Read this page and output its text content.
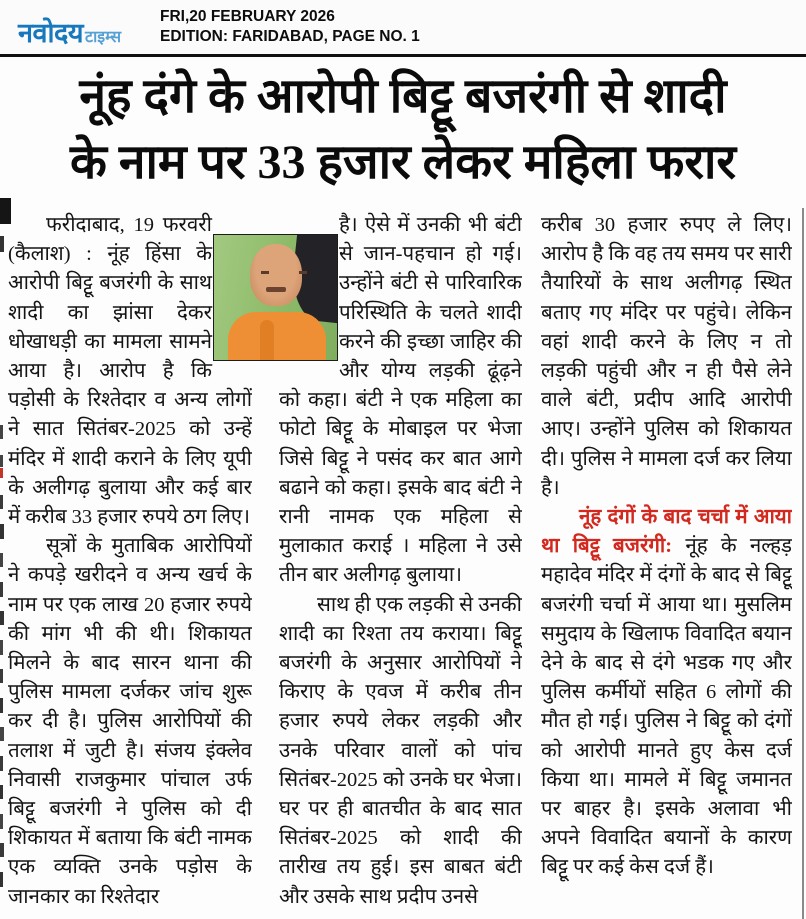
नवोदय टाइम्स
FRI,20 FEBRUARY 2026
EDITION: FARIDABAD, PAGE NO. 1
नूंह दंगे के आरोपी बिट्टू बजरंगी से शादी
के नाम पर 33 हजार लेकर महिला फरार

फरीदाबाद, 19 फरवरी (कैलाश) : नूंह हिंसा के आरोपी बिट्टू बजरंगी के साथ शादी का झांसा देकर धोखाधड़ी का मामला सामने आया है। आरोप है कि पड़ोसी के रिश्तेदार व अन्य लोगों ने सात सितंबर-2025 को उन्हें मंदिर में शादी कराने के लिए यूपी के अलीगढ़ बुलाया और कई बार में करीब 33 हजार रुपये ठग लिए।

सूत्रों के मुताबिक आरोपियों ने कपड़े खरीदने व अन्य खर्च के नाम पर एक लाख 20 हजार रुपये की मांग भी की थी। शिकायत मिलने के बाद सारन थाना की पुलिस मामला दर्जकर जांच शुरू कर दी है। पुलिस आरोपियों की तलाश में जुटी है। संजय इंक्लेव निवासी राजकुमार पांचाल उर्फ बिट्टू बजरंगी ने पुलिस को दी शिकायत में बताया कि बंटी नामक एक व्यक्ति उनके पड़ोस के जानकार का रिश्तेदार

है। ऐसे में उनकी भी बंटी से जान-पहचान हो गई। उन्होंने बंटी से पारिवारिक परिस्थिति के चलते शादी करने की इच्छा जाहिर की और योग्य लड़की ढूंढ़ने को कहा। बंटी ने एक महिला का फोटो बिट्टू के मोबाइल पर भेजा जिसे बिट्टू ने पसंद कर बात आगे बढाने को कहा। इसके बाद बंटी ने रानी नामक एक महिला से मुलाकात कराई । महिला ने उसे तीन बार अलीगढ़ बुलाया।

साथ ही एक लड़की से उनकी शादी का रिश्ता तय कराया। बिट्टू बजरंगी के अनुसार आरोपियों ने किराए के एवज में करीब तीन हजार रुपये लेकर लड़की और उनके परिवार वालों को पांच सितंबर-2025 को उनके घर भेजा। घर पर ही बातचीत के बाद सात सितंबर-2025 को शादी की तारीख तय हुई। इस बाबत बंटी और उसके साथ प्रदीप उनसे

करीब 30 हजार रुपए ले लिए। आरोप है कि वह तय समय पर सारी तैयारियों के साथ अलीगढ़ स्थित बताए गए मंदिर पर पहुंचे। लेकिन वहां शादी करने के लिए न तो लड़की पहुंची और न ही पैसे लेने वाले बंटी, प्रदीप आदि आरोपी आए। उन्होंने पुलिस को शिकायत दी। पुलिस ने मामला दर्ज कर लिया है।

नूंह दंगों के बाद चर्चा में आया था बिट्टू बजरंगी: नूंह के नल्हड़ महादेव मंदिर में दंगों के बाद से बिट्टू बजरंगी चर्चा में आया था। मुसलिम समुदाय के खिलाफ विवादित बयान देने के बाद से दंगे भडक गए और पुलिस कर्मीयों सहित 6 लोगों की मौत हो गई। पुलिस ने बिट्टू को दंगों को आरोपी मानते हुए केस दर्ज किया था। मामले में बिट्टू जमानत पर बाहर है। इसके अलावा भी अपने विवादित बयानों के कारण बिट्टू पर कई केस दर्ज हैं।
